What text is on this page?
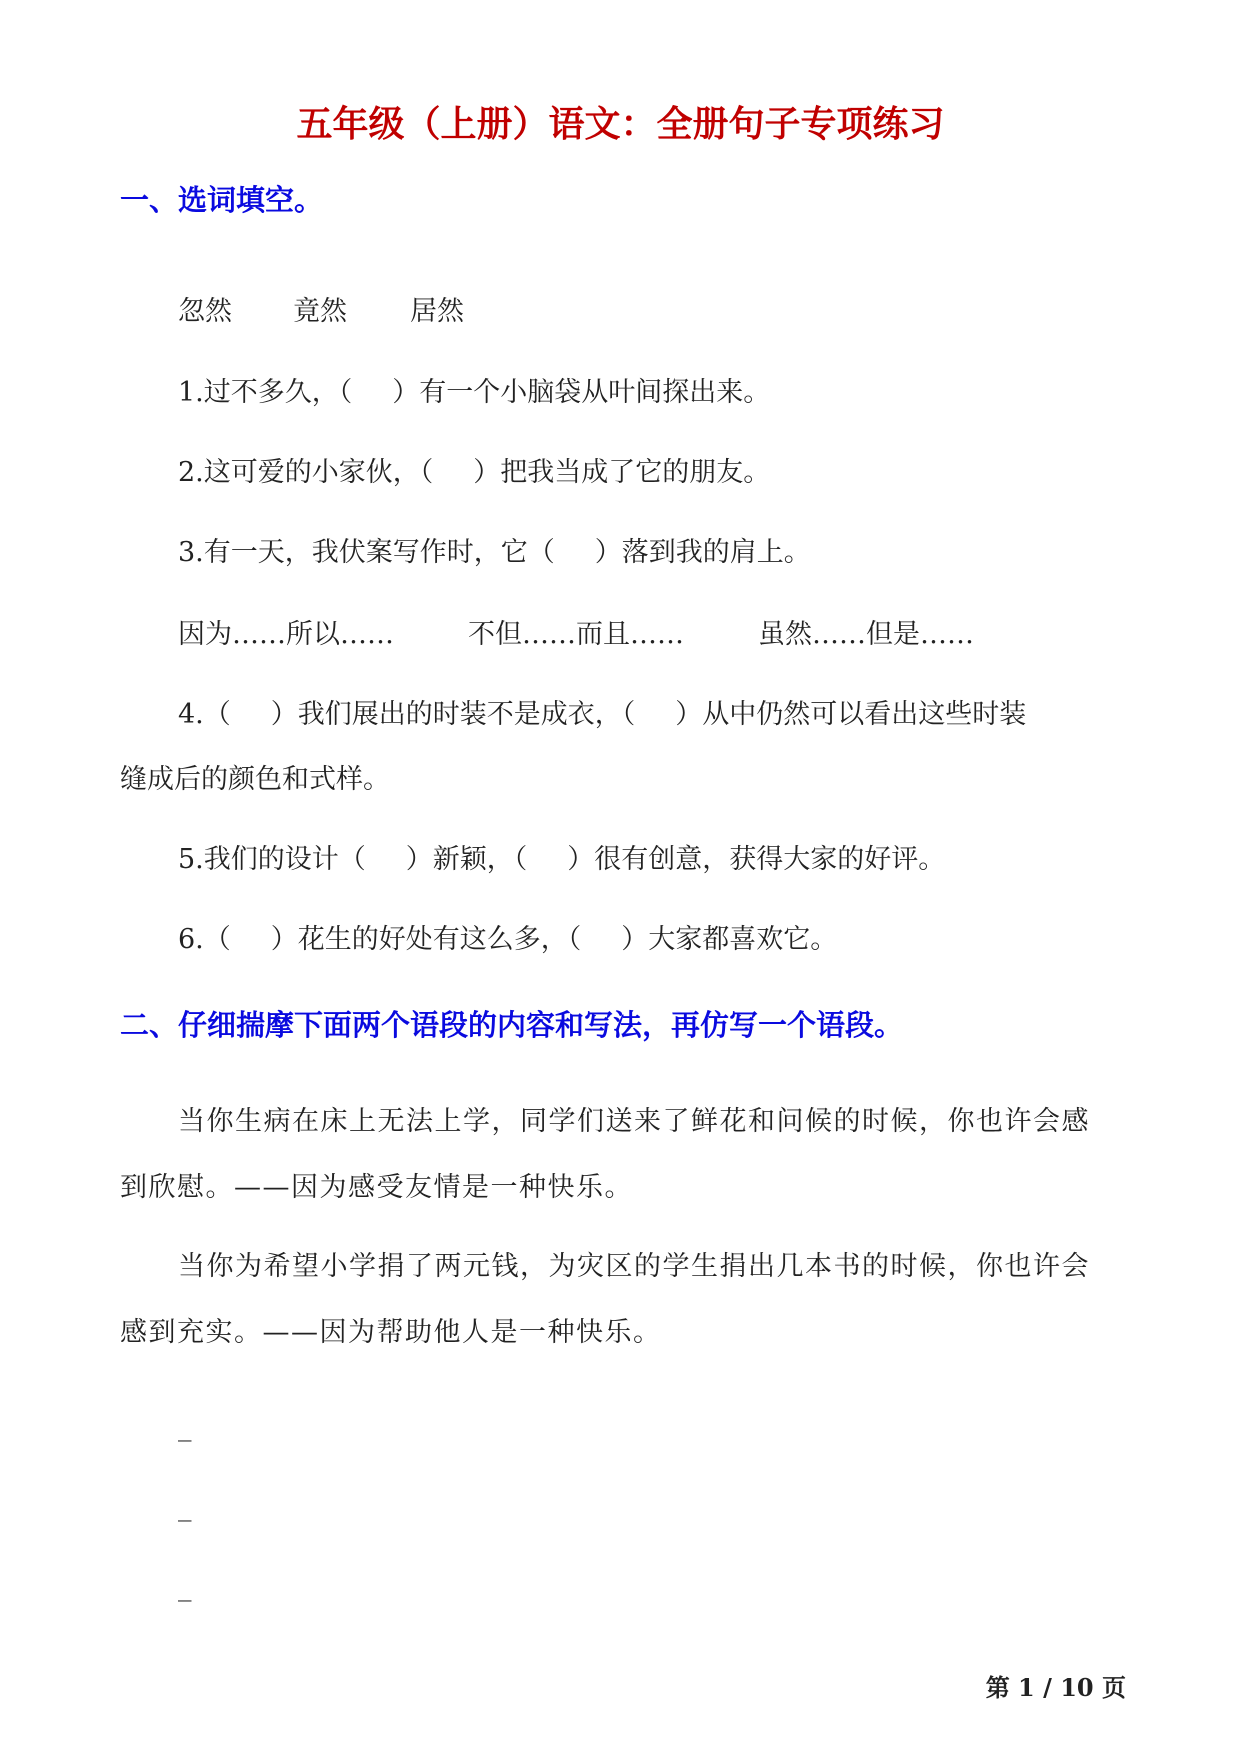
五年级（上册）语文：全册句子专项练习
一、选词填空。
忽然 竟然 居然
1.过不多久，（ ）有一个小脑袋从叶间探出来。
2.这可爱的小家伙，（ ）把我当成了它的朋友。
3.有一天，我伏案写作时，它（ ）落到我的肩上。
因为……所以……	不但……而且……	虽然……但是……
4.（ ）我们展出的时装不是成衣，（ ）从中仍然可以看出这些时装
缝成后的颜色和式样。
5.我们的设计（ ）新颖，（ ）很有创意，获得大家的好评。
6.（ ）花生的好处有这么多，（ ）大家都喜欢它。
二、仔细揣摩下面两个语段的内容和写法，再仿写一个语段。
当你生病在床上无法上学，同学们送来了鲜花和问候的时候，你也许会感
到欣慰。——因为感受友情是一种快乐。
当你为希望小学捐了两元钱，为灾区的学生捐出几本书的时候，你也许会
感到充实。——因为帮助他人是一种快乐。
_
_
_
第 1 / 10 页
